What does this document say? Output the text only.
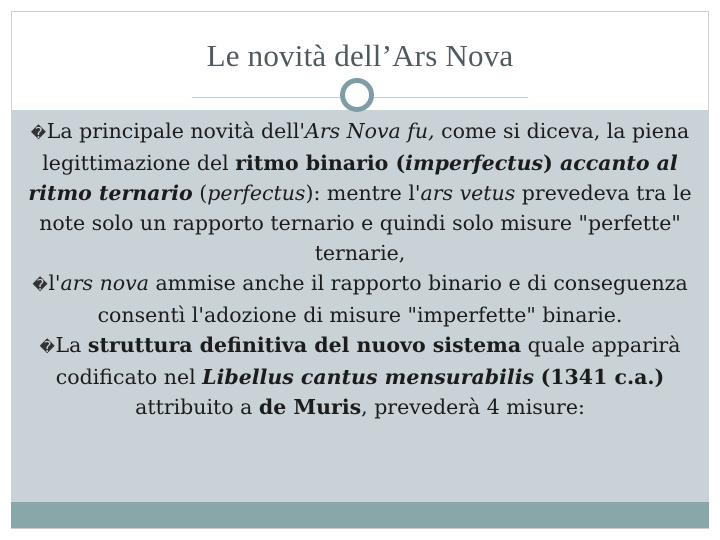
Le novità dell’Ars Nova

�La principale novità dell'Ars Nova fu, come si diceva, la piena legittimazione del ritmo binario (imperfectus) accanto al ritmo ternario (perfectus): mentre l'ars vetus prevedeva tra le note solo un rapporto ternario e quindi solo misure "perfette" ternarie,

�l'ars nova ammise anche il rapporto binario e di conseguenza consentì l'adozione di misure "imperfette" binarie.

�La struttura definitiva del nuovo sistema quale apparirà codificato nel Libellus cantus mensurabilis (1341 c.a.) attribuito a de Muris, prevederà 4 misure:
